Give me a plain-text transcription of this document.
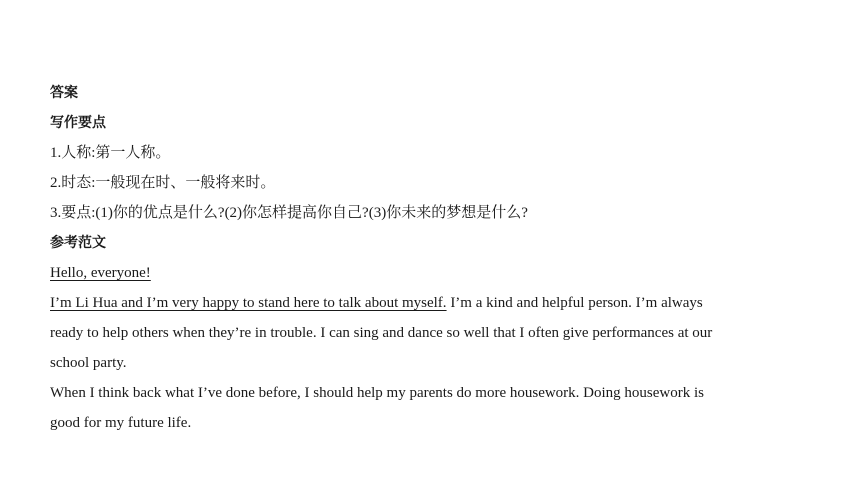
答案
写作要点
1.人称:第一人称。
2.时态:一般现在时、一般将来时。
3.要点:(1)你的优点是什么?(2)你怎样提高你自己?(3)你未来的梦想是什么?
参考范文
Hello, everyone!
I’m Li Hua and I’m very happy to stand here to talk about myself. I’m a kind and helpful person. I’m always
ready to help others when they’re in trouble. I can sing and dance so well that I often give performances at our
school party.
When I think back what I’ve done before, I should help my parents do more housework. Doing housework is
good for my future life.
